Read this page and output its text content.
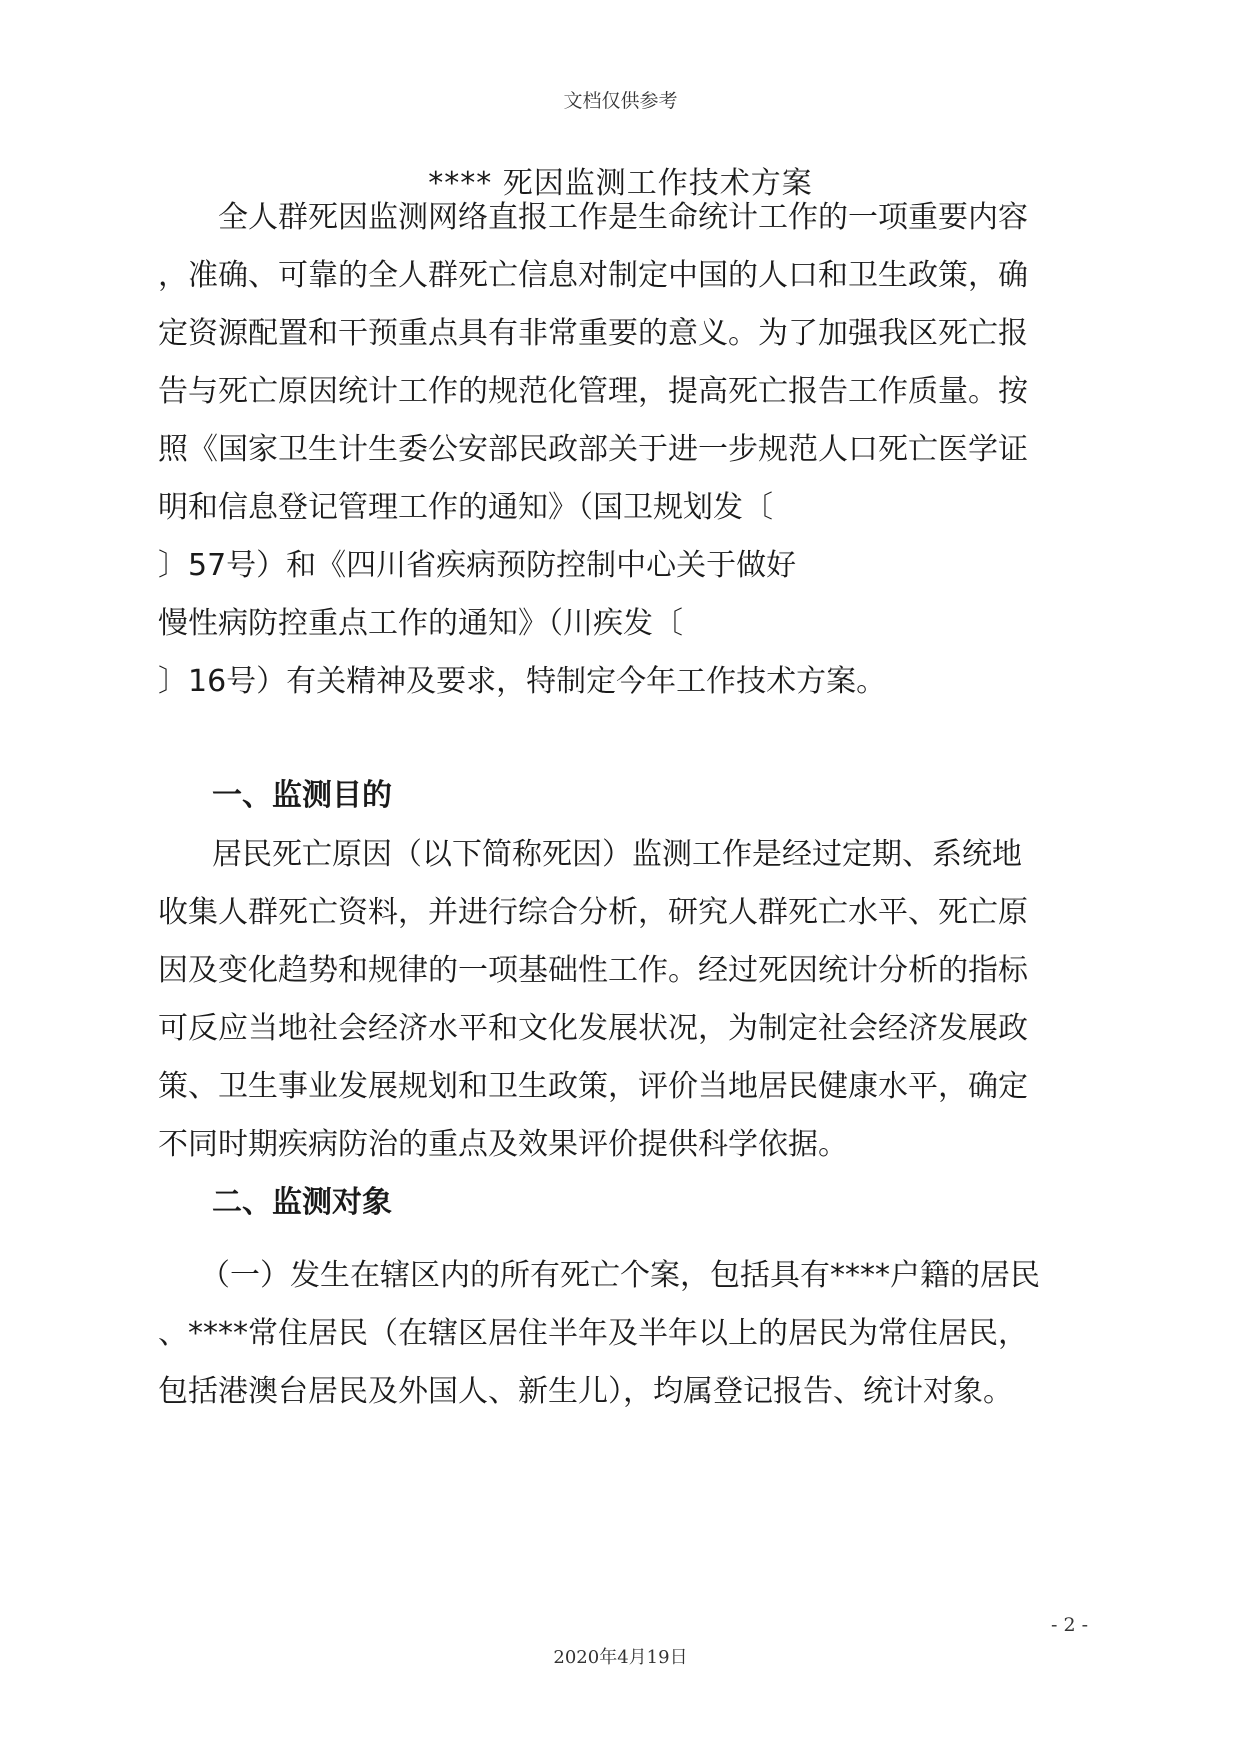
文档仅供参考
**** 死因监测工作技术方案
全人群死因监测网络直报工作是生命统计工作的一项重要内容
，准确、可靠的全人群死亡信息对制定中国的人口和卫生政策，确
定资源配置和干预重点具有非常重要的意义。为了加强我区死亡报
告与死亡原因统计工作的规范化管理，提高死亡报告工作质量。按
照《国家卫生计生委公安部民政部关于进一步规范人口死亡医学证
明和信息登记管理工作的通知》（国卫规划发〔
〕57号）和《四川省疾病预防控制中心关于做好
慢性病防控重点工作的通知》（川疾发〔
〕16号）有关精神及要求，特制定今年工作技术方案。
一、监测目的
居民死亡原因（以下简称死因）监测工作是经过定期、系统地
收集人群死亡资料，并进行综合分析，研究人群死亡水平、死亡原
因及变化趋势和规律的一项基础性工作。经过死因统计分析的指标
可反应当地社会经济水平和文化发展状况，为制定社会经济发展政
策、卫生事业发展规划和卫生政策，评价当地居民健康水平，确定
不同时期疾病防治的重点及效果评价提供科学依据。
二、监测对象
（一）发生在辖区内的所有死亡个案，包括具有****户籍的居民
、****常住居民（在辖区居住半年及半年以上的居民为常住居民，
包括港澳台居民及外国人、新生儿），均属登记报告、统计对象。
- 2 -
2020年4月19日
